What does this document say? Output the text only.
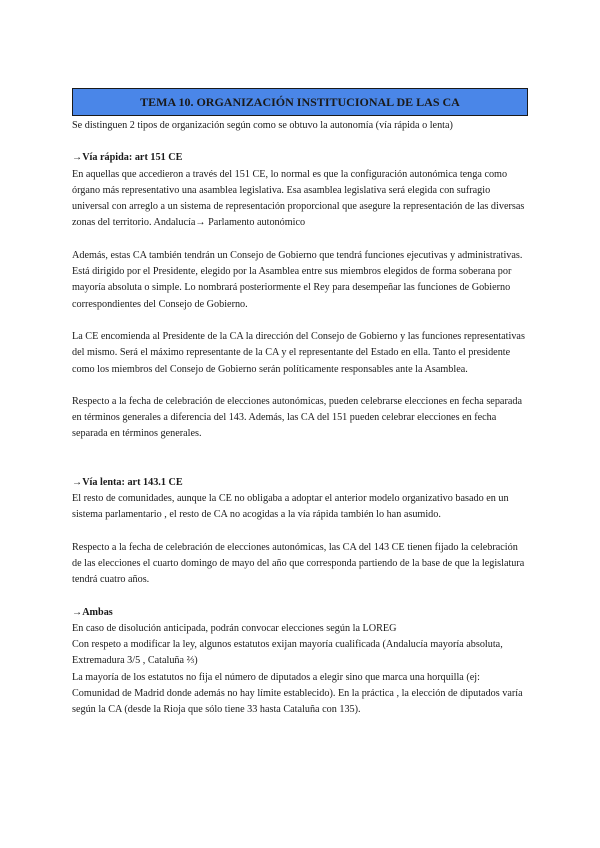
TEMA 10. ORGANIZACIÓN INSTITUCIONAL DE LAS CA

Se distinguen 2 tipos de organización según como se obtuvo la autonomía (vía rápida o lenta)

→Vía rápida: art 151 CE

En aquellas que accedieron a través del 151 CE, lo normal es que la configuración autonómica tenga como órgano más representativo una asamblea legislativa. Esa asamblea legislativa será elegida con sufragio universal con arreglo a un sistema de representación proporcional que asegure la representación de las diversas zonas del territorio. Andalucía→ Parlamento autonómico

Además, estas CA también tendrán un Consejo de Gobierno que tendrá funciones ejecutivas y administrativas. Está dirigido por el Presidente, elegido por la Asamblea entre sus miembros elegidos de forma soberana por mayoría absoluta o simple. Lo nombrará posteriormente el Rey para desempeñar las funciones de Gobierno correspondientes del Consejo de Gobierno.

La CE encomienda al Presidente de la CA la dirección del Consejo de Gobierno y las funciones representativas del mismo. Será el máximo representante de la CA y el representante del Estado en ella. Tanto el presidente como los miembros del Consejo de Gobierno serán políticamente responsables ante la Asamblea.

Respecto a la fecha de celebración de elecciones autonómicas, pueden celebrarse elecciones en fecha separada en términos generales a diferencia del 143. Además, las CA del 151 pueden celebrar elecciones en fecha separada en términos generales.

→Vía lenta: art 143.1 CE

El resto de comunidades, aunque la CE no obligaba a adoptar el anterior modelo organizativo basado en un sistema parlamentario , el resto de CA no acogidas a la vía rápida también lo han asumido.

Respecto a la fecha de celebración de elecciones autonómicas, las CA del 143 CE tienen fijado la celebración de las elecciones el cuarto domingo de mayo del año que corresponda partiendo de la base de que la legislatura tendrá cuatro años.

→Ambas

En caso de disolución anticipada, podrán convocar elecciones según la LOREG

Con respeto a modificar la ley, algunos estatutos exijan mayoría cualificada (Andalucía mayoría absoluta, Extremadura 3/5 , Cataluña ⅔)

La mayoría de los estatutos no fija el número de diputados a elegir sino que marca una horquilla (ej: Comunidad de Madrid donde además no hay límite establecido). En la práctica , la elección de diputados varía según la CA (desde la Rioja que sólo tiene 33 hasta Cataluña con 135).
